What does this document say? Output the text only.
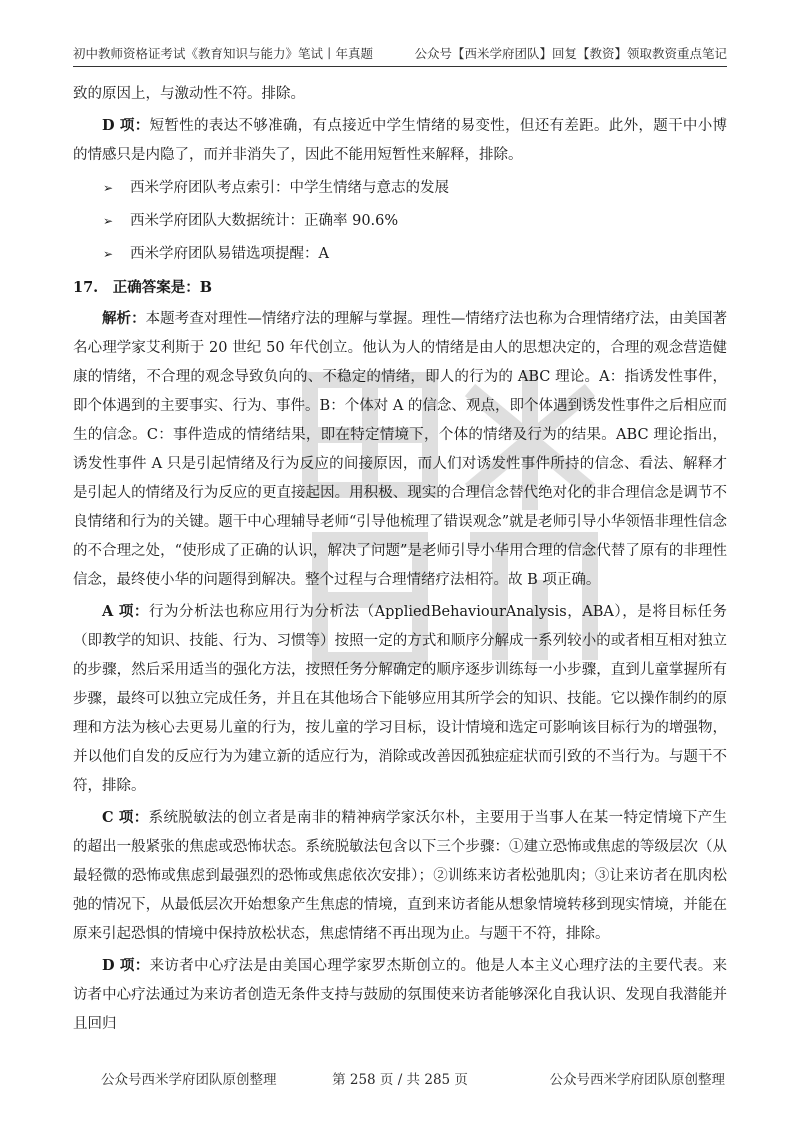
初中教师资格证考试《教育知识与能力》笔试丨年真题	公众号【西米学府团队】回复【教资】领取教资重点笔记

致的原因上，与激动性不符。排除。

D 项：短暂性的表达不够准确，有点接近中学生情绪的易变性，但还有差距。此外，题干中小博的情感只是内隐了，而并非消失了，因此不能用短暂性来解释，排除。

➢ 西米学府团队考点索引：中学生情绪与意志的发展
➢ 西米学府团队大数据统计：正确率 90.6%
➢ 西米学府团队易错选项提醒：A

17.　正确答案是：B

解析：本题考查对理性—情绪疗法的理解与掌握。理性—情绪疗法也称为合理情绪疗法，由美国著名心理学家艾利斯于 20 世纪 50 年代创立。他认为人的情绪是由人的思想决定的，合理的观念营造健康的情绪，不合理的观念导致负向的、不稳定的情绪，即人的行为的 ABC 理论。A：指诱发性事件，即个体遇到的主要事实、行为、事件。B：个体对 A 的信念、观点，即个体遇到诱发性事件之后相应而生的信念。C：事件造成的情绪结果，即在特定情境下，个体的情绪及行为的结果。ABC 理论指出，诱发性事件 A 只是引起情绪及行为反应的间接原因，而人们对诱发性事件所持的信念、看法、解释才是引起人的情绪及行为反应的更直接起因。用积极、现实的合理信念替代绝对化的非合理信念是调节不良情绪和行为的关键。题干中心理辅导老师“引导他梳理了错误观念”就是老师引导小华领悟非理性信念的不合理之处，“使形成了正确的认识，解决了问题”是老师引导小华用合理的信念代替了原有的非理性信念，最终使小华的问题得到解决。整个过程与合理情绪疗法相符。故 B 项正确。

A 项：行为分析法也称应用行为分析法（AppliedBehaviourAnalysis，ABA），是将目标任务（即教学的知识、技能、行为、习惯等）按照一定的方式和顺序分解成一系列较小的或者相互相对独立的步骤，然后采用适当的强化方法，按照任务分解确定的顺序逐步训练每一小步骤，直到儿童掌握所有步骤，最终可以独立完成任务，并且在其他场合下能够应用其所学会的知识、技能。它以操作制约的原理和方法为核心去更易儿童的行为，按儿童的学习目标，设计情境和选定可影响该目标行为的增强物，并以他们自发的反应行为为建立新的适应行为，消除或改善因孤独症症状而引致的不当行为。与题干不符，排除。

C 项：系统脱敏法的创立者是南非的精神病学家沃尔朴，主要用于当事人在某一特定情境下产生的超出一般紧张的焦虑或恐怖状态。系统脱敏法包含以下三个步骤：①建立恐怖或焦虑的等级层次（从最轻微的恐怖或焦虑到最强烈的恐怖或焦虑依次安排）；②训练来访者松弛肌肉；③让来访者在肌肉松弛的情况下，从最低层次开始想象产生焦虑的情境，直到来访者能从想象情境转移到现实情境，并能在原来引起恐惧的情境中保持放松状态，焦虑情绪不再出现为止。与题干不符，排除。

D 项：来访者中心疗法是由美国心理学家罗杰斯创立的。他是人本主义心理疗法的主要代表。来访者中心疗法通过为来访者创造无条件支持与鼓励的氛围使来访者能够深化自我认识、发现自我潜能并且回归

公众号西米学府团队原创整理	第 258 页 / 共 285 页	公众号西米学府团队原创整理
